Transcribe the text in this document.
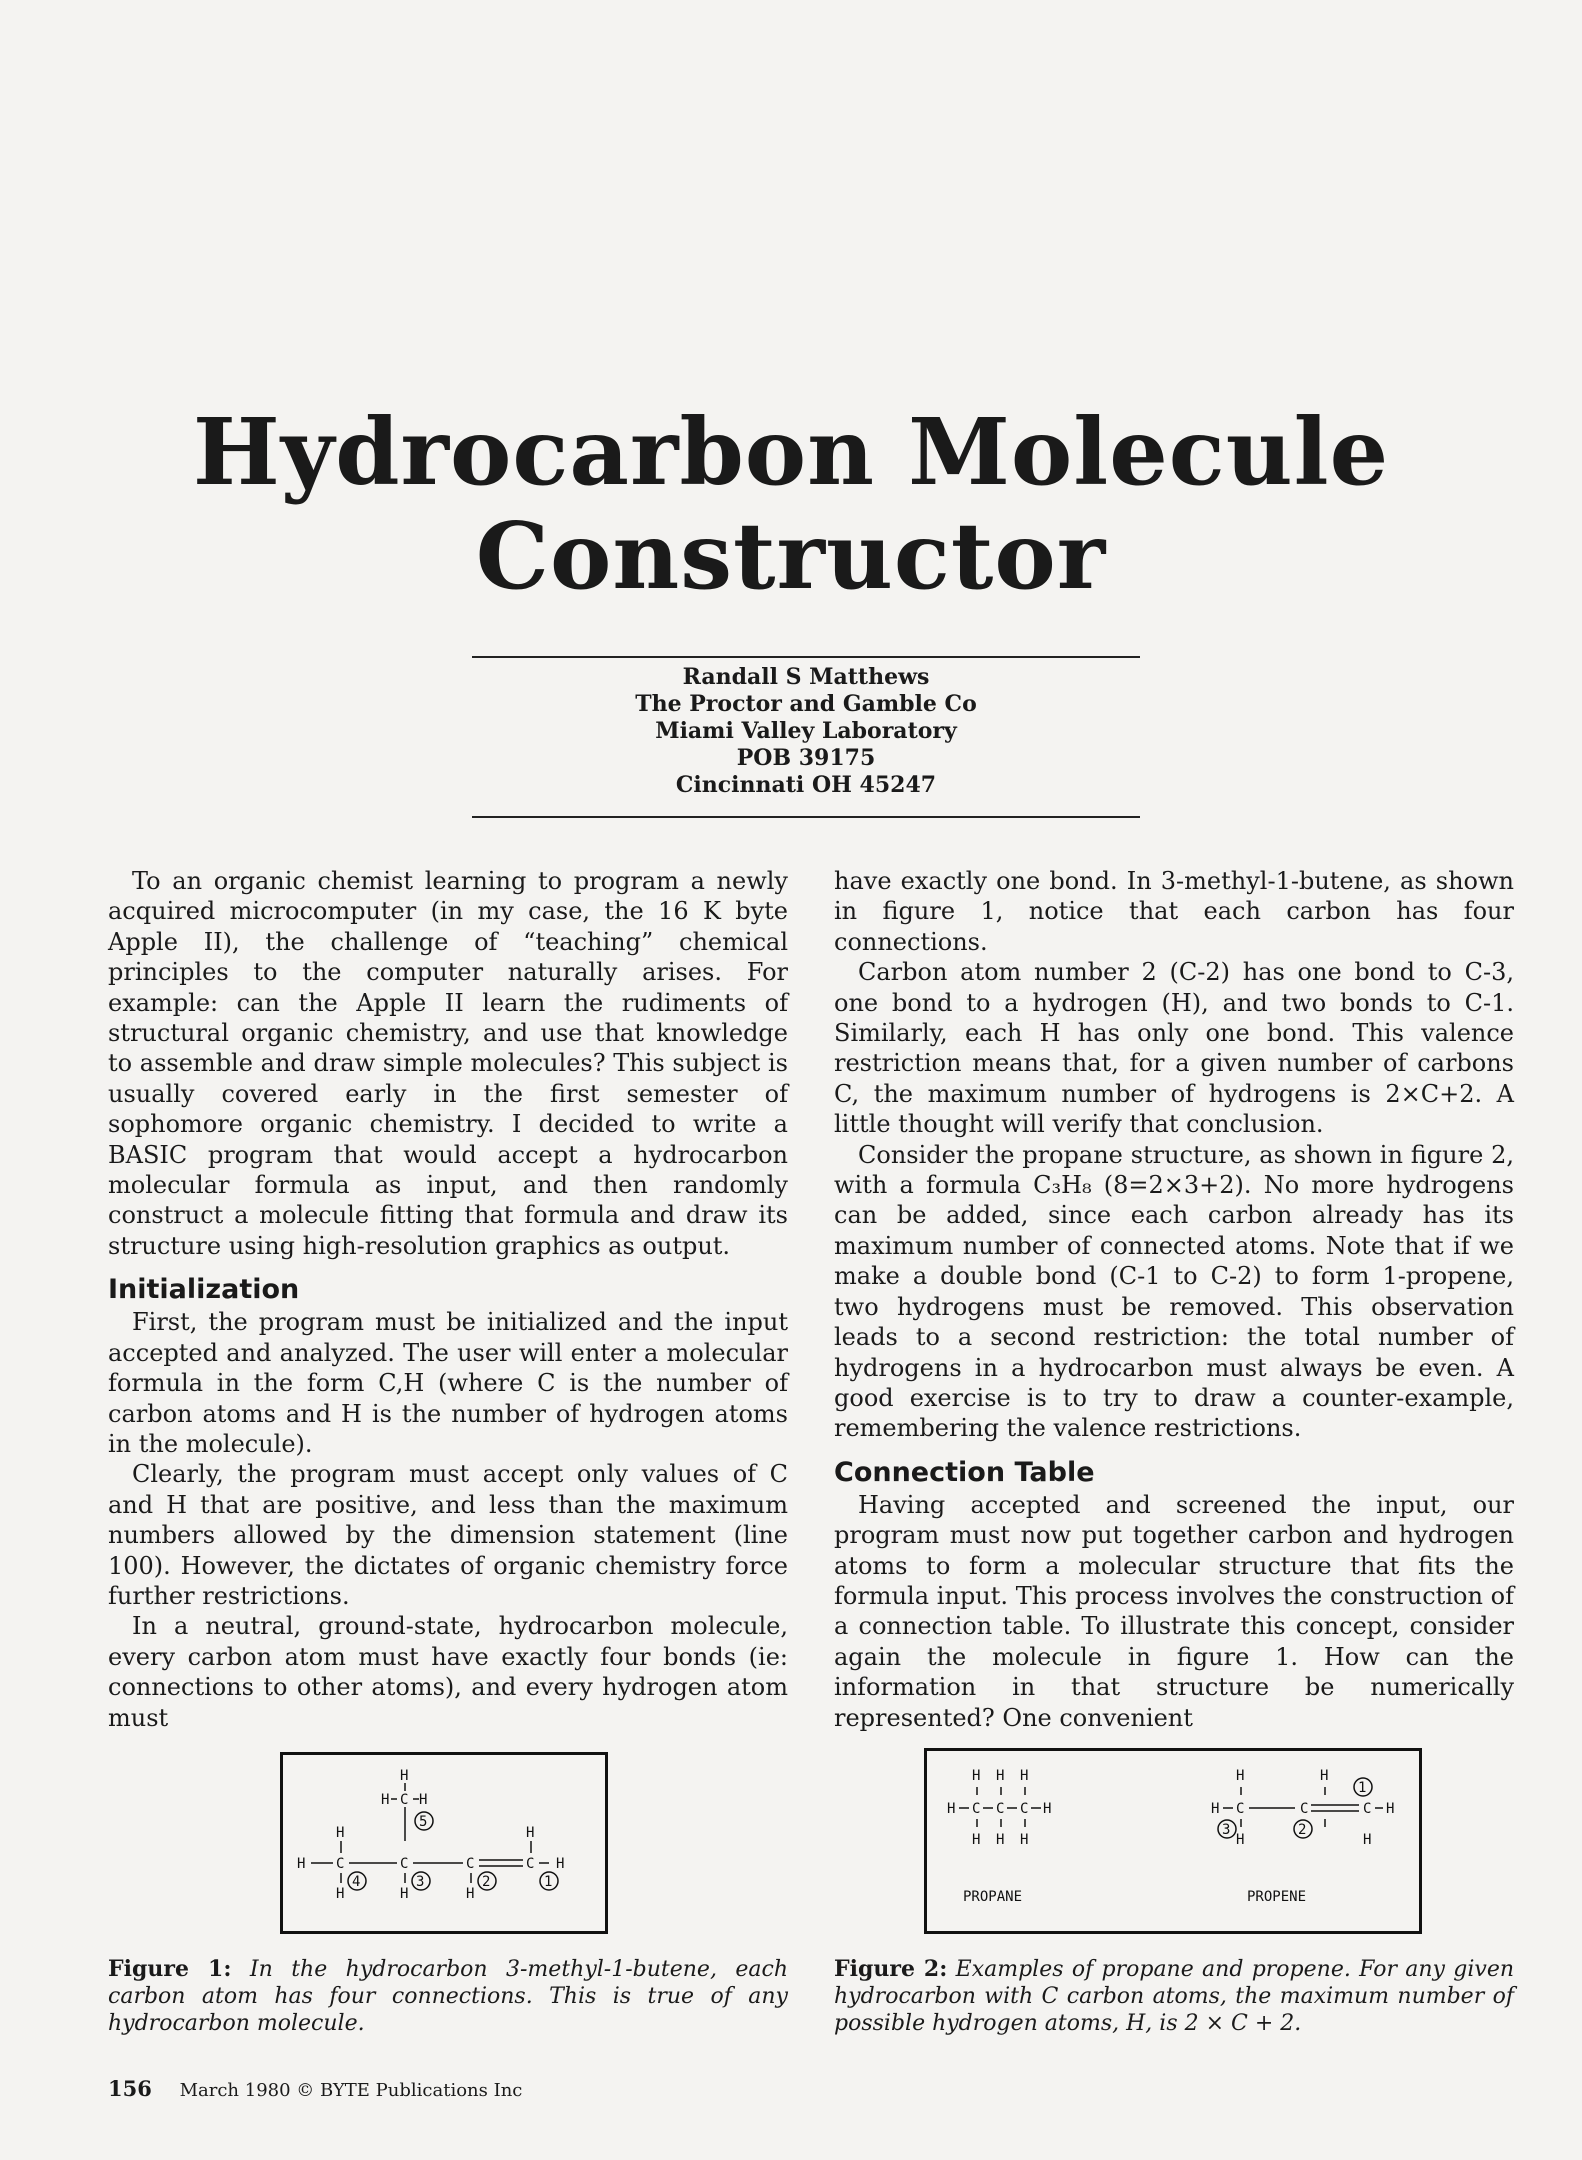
Hydrocarbon Molecule
Constructor
Randall S Matthews
The Proctor and Gamble Co
Miami Valley Laboratory
POB 39175
Cincinnati OH 45247

To an organic chemist learning to program a newly acquired microcomputer (in my case, the 16 K byte Apple II), the challenge of “teaching” chemical principles to the computer naturally arises. For example: can the Apple II learn the rudiments of structural organic chemistry, and use that knowledge to assemble and draw simple molecules? This subject is usually covered early in the first semester of sophomore organic chemistry. I decided to write a BASIC program that would accept a hydrocarbon molecular formula as input, and then randomly construct a molecule fitting that formula and draw its structure using high-resolution graphics as output.

Initialization

First, the program must be initialized and the input accepted and analyzed. The user will enter a molecular formula in the form C,H (where C is the number of carbon atoms and H is the number of hydrogen atoms in the molecule).

Clearly, the program must accept only values of C and H that are positive, and less than the maximum numbers allowed by the dimension statement (line 100). However, the dictates of organic chemistry force further restrictions.

In a neutral, ground-state, hydrocarbon molecule, every carbon atom must have exactly four bonds (ie: connections to other atoms), and every hydrogen atom must

have exactly one bond. In 3-methyl-1-butene, as shown in figure 1, notice that each carbon has four connections.

Carbon atom number 2 (C-2) has one bond to C-3, one bond to a hydrogen (H), and two bonds to C-1. Similarly, each H has only one bond. This valence restriction means that, for a given number of carbons C, the maximum number of hydrogens is 2×C+2. A little thought will verify that conclusion.

Consider the propane structure, as shown in figure 2, with a formula C₃H₈ (8=2×3+2). No more hydrogens can be added, since each carbon already has its maximum number of connected atoms. Note that if we make a double bond (C-1 to C-2) to form 1-propene, two hydrogens must be removed. This observation leads to a second restriction: the total number of hydrogens in a hydrocarbon must always be even. A good exercise is to try to draw a counter-example, remembering the valence restrictions.

Connection Table

Having accepted and screened the input, our program must now put together carbon and hydrogen atoms to form a molecular structure that fits the formula input. This process involves the construction of a connection table. To illustrate this concept, consider again the molecule in figure 1. How can the information in that structure be numerically represented? One convenient

H
H C H
H	H
H C	C	C	C H
H	H	H
5
4	3	2	1
H H H
H C C C H
H H H
H	H
H C	C	C H
H	H
1
3	2
PROPANE	PROPENE
Figure 1: In the hydrocarbon 3-methyl-1-butene, each carbon atom has four connections. This is true of any hydrocarbon molecule.
Figure 2: Examples of propane and propene. For any given hydrocarbon with C carbon atoms, the maximum number of possible hydrogen atoms, H, is 2 × C + 2.
156 March 1980 © BYTE Publications Inc
